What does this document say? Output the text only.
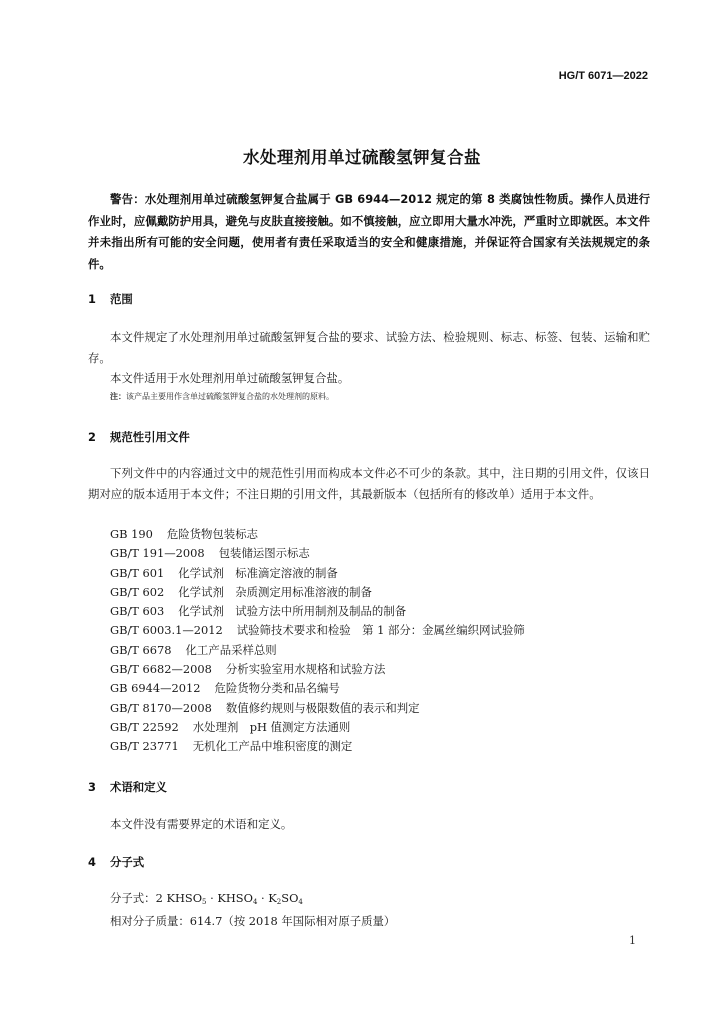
HG/T 6071—2022
水处理剂用单过硫酸氢钾复合盐
警告：水处理剂用单过硫酸氢钾复合盐属于 GB 6944—2012 规定的第 8 类腐蚀性物质。操作人员进行作业时，应佩戴防护用具，避免与皮肤直接接触。如不慎接触，应立即用大量水冲洗，严重时立即就医。本文件并未指出所有可能的安全问题，使用者有责任采取适当的安全和健康措施，并保证符合国家有关法规规定的条件。
1 范围
本文件规定了水处理剂用单过硫酸氢钾复合盐的要求、试验方法、检验规则、标志、标签、包装、运输和贮存。
本文件适用于水处理剂用单过硫酸氢钾复合盐。
注：该产品主要用作含单过硫酸氢钾复合盐的水处理剂的原料。
2 规范性引用文件
下列文件中的内容通过文中的规范性引用而构成本文件必不可少的条款。其中，注日期的引用文件，仅该日期对应的版本适用于本文件；不注日期的引用文件，其最新版本（包括所有的修改单）适用于本文件。
GB 190 危险货物包装标志
GB/T 191—2008 包装储运图示标志
GB/T 601 化学试剂　标准滴定溶液的制备
GB/T 602 化学试剂　杂质测定用标准溶液的制备
GB/T 603 化学试剂　试验方法中所用制剂及制品的制备
GB/T 6003.1—2012 试验筛技术要求和检验　第 1 部分：金属丝编织网试验筛
GB/T 6678 化工产品采样总则
GB/T 6682—2008 分析实验室用水规格和试验方法
GB 6944—2012 危险货物分类和品名编号
GB/T 8170—2008 数值修约规则与极限数值的表示和判定
GB/T 22592 水处理剂　pH 值测定方法通则
GB/T 23771 无机化工产品中堆积密度的测定
3 术语和定义
本文件没有需要界定的术语和定义。
4 分子式
分子式：2 $KHSO_5$ · $KHSO_4 \cdot K_2SO_4$
相对分子质量：614.7（按 2018 年国际相对原子质量）
1
